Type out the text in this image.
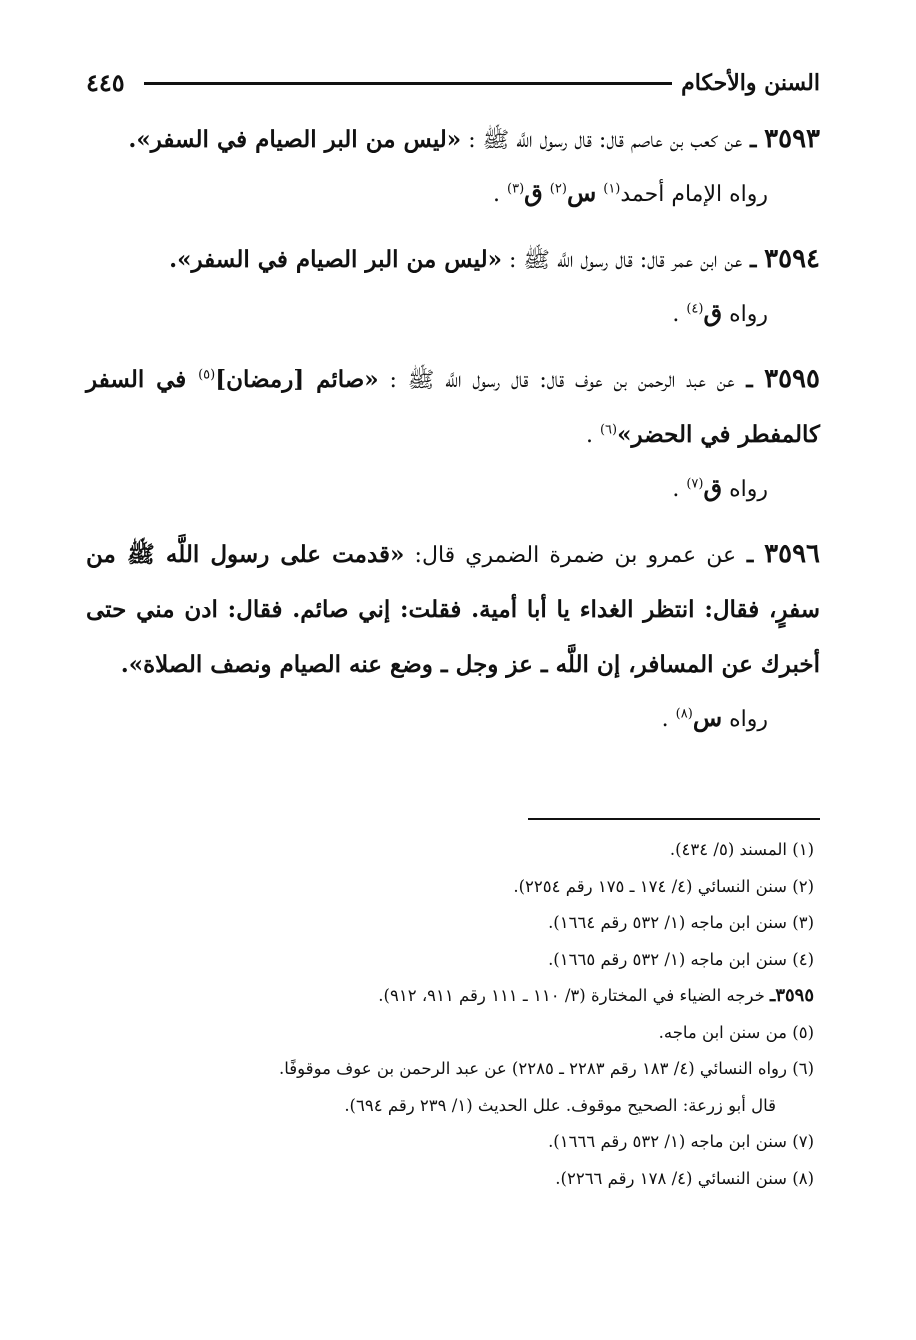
السنن والأحكام
٤٤٥

٣٥٩٣ ـ عن كعب بن عاصم قال: قال رسول اللَّه ﷺ : «ليس من البر الصيام في السفر».

رواه الإمام أحمد$^{(١)}$ س$^{(٢)}$ ق$^{(٣)}$ .

٣٥٩٤ ـ عن ابن عمر قال: قال رسول اللَّه ﷺ : «ليس من البر الصيام في السفر».

رواه ق$^{(٤)}$ .

٣٥٩٥ ـ عن عبد الرحمن بن عوف قال: قال رسول اللَّه ﷺ : «صائم [رمضان]$^{(٥)}$ في السفر كالمفطر في الحضر»$^{(٦)}$ .

رواه ق$^{(٧)}$ .

٣٥٩٦ ـ عن عمرو بن ضمرة الضمري قال: «قدمت على رسول اللَّه ﷺ من سفرٍ، فقال: انتظر الغداء يا أبا أمية. فقلت: إني صائم. فقال: ادن مني حتى أخبرك عن المسافر، إن اللَّه ـ عز وجل ـ وضع عنه الصيام ونصف الصلاة».

رواه س$^{(٨)}$ .

(١) المسند (٥/ ٤٣٤).
(٢) سنن النسائي (٤/ ١٧٤ ـ ١٧٥ رقم ٢٢٥٤).
(٣) سنن ابن ماجه (١/ ٥٣٢ رقم ١٦٦٤).
(٤) سنن ابن ماجه (١/ ٥٣٢ رقم ١٦٦٥).
٣٥٩٥ـ خرجه الضياء في المختارة (٣/ ١١٠ ـ ١١١ رقم ٩١١، ٩١٢).
(٥) من سنن ابن ماجه.
(٦) رواه النسائي (٤/ ١٨٣ رقم ٢٢٨٣ ـ ٢٢٨٥) عن عبد الرحمن بن عوف موقوفًا.
قال أبو زرعة: الصحيح موقوف. علل الحديث (١/ ٢٣٩ رقم ٦٩٤).
(٧) سنن ابن ماجه (١/ ٥٣٢ رقم ١٦٦٦).
(٨) سنن النسائي (٤/ ١٧٨ رقم ٢٢٦٦).
